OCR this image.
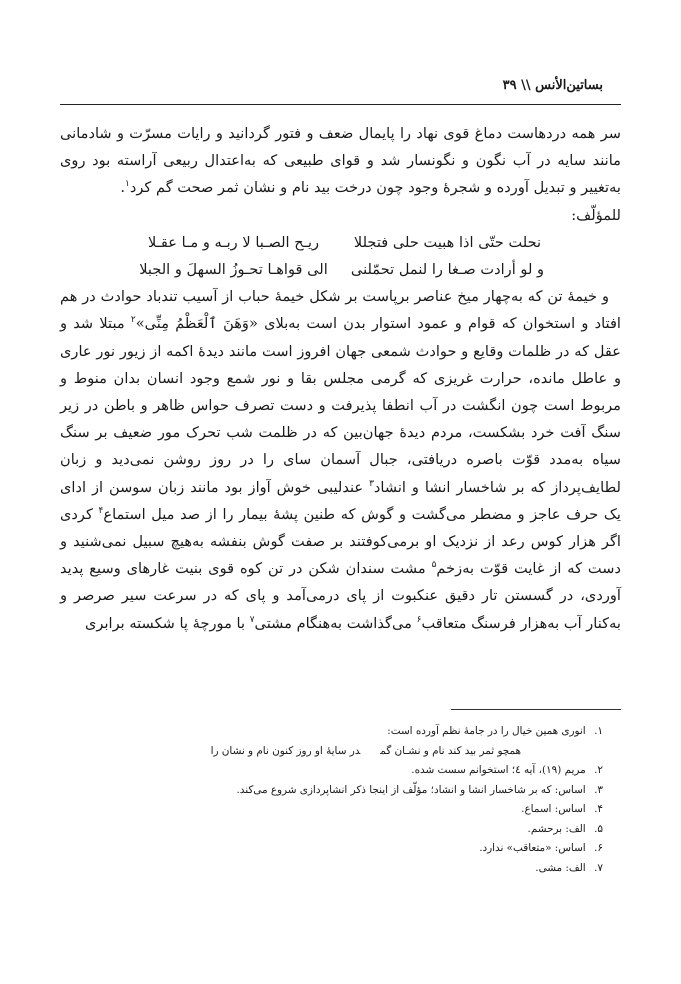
بساتین‌الأنس \\ ۳۹

سر همه دردهاست دماغ قوی نهاد را پایمال ضعف و فتور گردانید و رایات مسرّت و شادمانی مانند سایه در آب نگون و نگونسار شد و قوای طبیعی که به‌اعتدال ربیعی آراسته بود روی به‌تغییر و تبدیل آورده و شجرهٔ وجود چون درخت بید نام و نشان ثمر صحت گم کرد$^۱$.

للمؤلّف:

نحلت حتّی اذا هبیت حلی فتجللا
ریـح الصـبا لا ربـه و مـا عقـلا
و لو أرادت صـغا را لنمل تحمّلنی
الی قواهـا تحـوزُ السهلَ و الجبلا

و خیمهٔ تن که به‌چهار میخ عناصر برپاست بر شکل خیمهٔ حباب از آسیب تندباد حوادث در هم افتاد و استخوان که قوام و عمود استوار بدن است به‌بلای «وَهَنَ ٱلْعَظْمُ مِنِّی»$^۲$ مبتلا شد و عقل که در ظلمات وقایع و حوادث شمعی جهان افروز است مانند دیدهٔ اکمه از زیور نور عاری و عاطل مانده، حرارت غریزی که گرمی مجلس بقا و نور شمع وجود انسان بدان منوط و مربوط است چون انگشت در آب انطفا پذیرفت و دست تصرف حواس ظاهر و باطن در زیر سنگ آفت خرد بشکست، مردم دیدهٔ جهان‌بین که در ظلمت شب تحرک مور ضعیف بر سنگ سیاه به‌مدد قوّت باصره دریافتی، جبال آسمان سای را در روز روشن نمی‌دید و زبان لطایف‌پرداز که بر شاخسار انشا و انشاد$^۳$ عندلیبی خوش آواز بود مانند زبان سوسن از ادای یک حرف عاجز و مضطر می‌گشت و گوش که طنین پشهٔ بیمار را از صد میل استماع$^۴$ کردی اگر هزار کوس رعد از نزدیک او برمی‌کوفتند بر صفت گوش بنفشه به‌هیچ سبیل نمی‌شنید و دست که از غایت قوّت به‌زخم$^۵$ مشت سندان شکن در تن کوه قوی بنیت غارهای وسیع پدید آوردی، در گسستن تار دقیق عنکبوت از پای درمی‌آمد و پای که در سرعت سیر صرصر و به‌کنار آب به‌هزار فرسنگ متعاقب$^۶$ می‌گذاشت به‌هنگام مشتی$^۷$ با مورچهٔ پا شکسته برابری

۱. انوری همین خیال را در جامهٔ نظم آورده است:

همچو ثمر بید کند نام و نشـان گمدر سایهٔ او روز کنون نام و نشان را

۲. مریم (۱۹)، آیه ٤؛ استخوانم سست شده.

۳. اساس: که بر شاخسار انشا و انشاد؛ مؤلّف از اینجا ذکر انشاپردازی شروع می‌کند.

۴. اساس: اسماع.

۵. الف: برحشم.

۶. اساس: «متعاقب» ندارد.

۷. الف: مشی.
